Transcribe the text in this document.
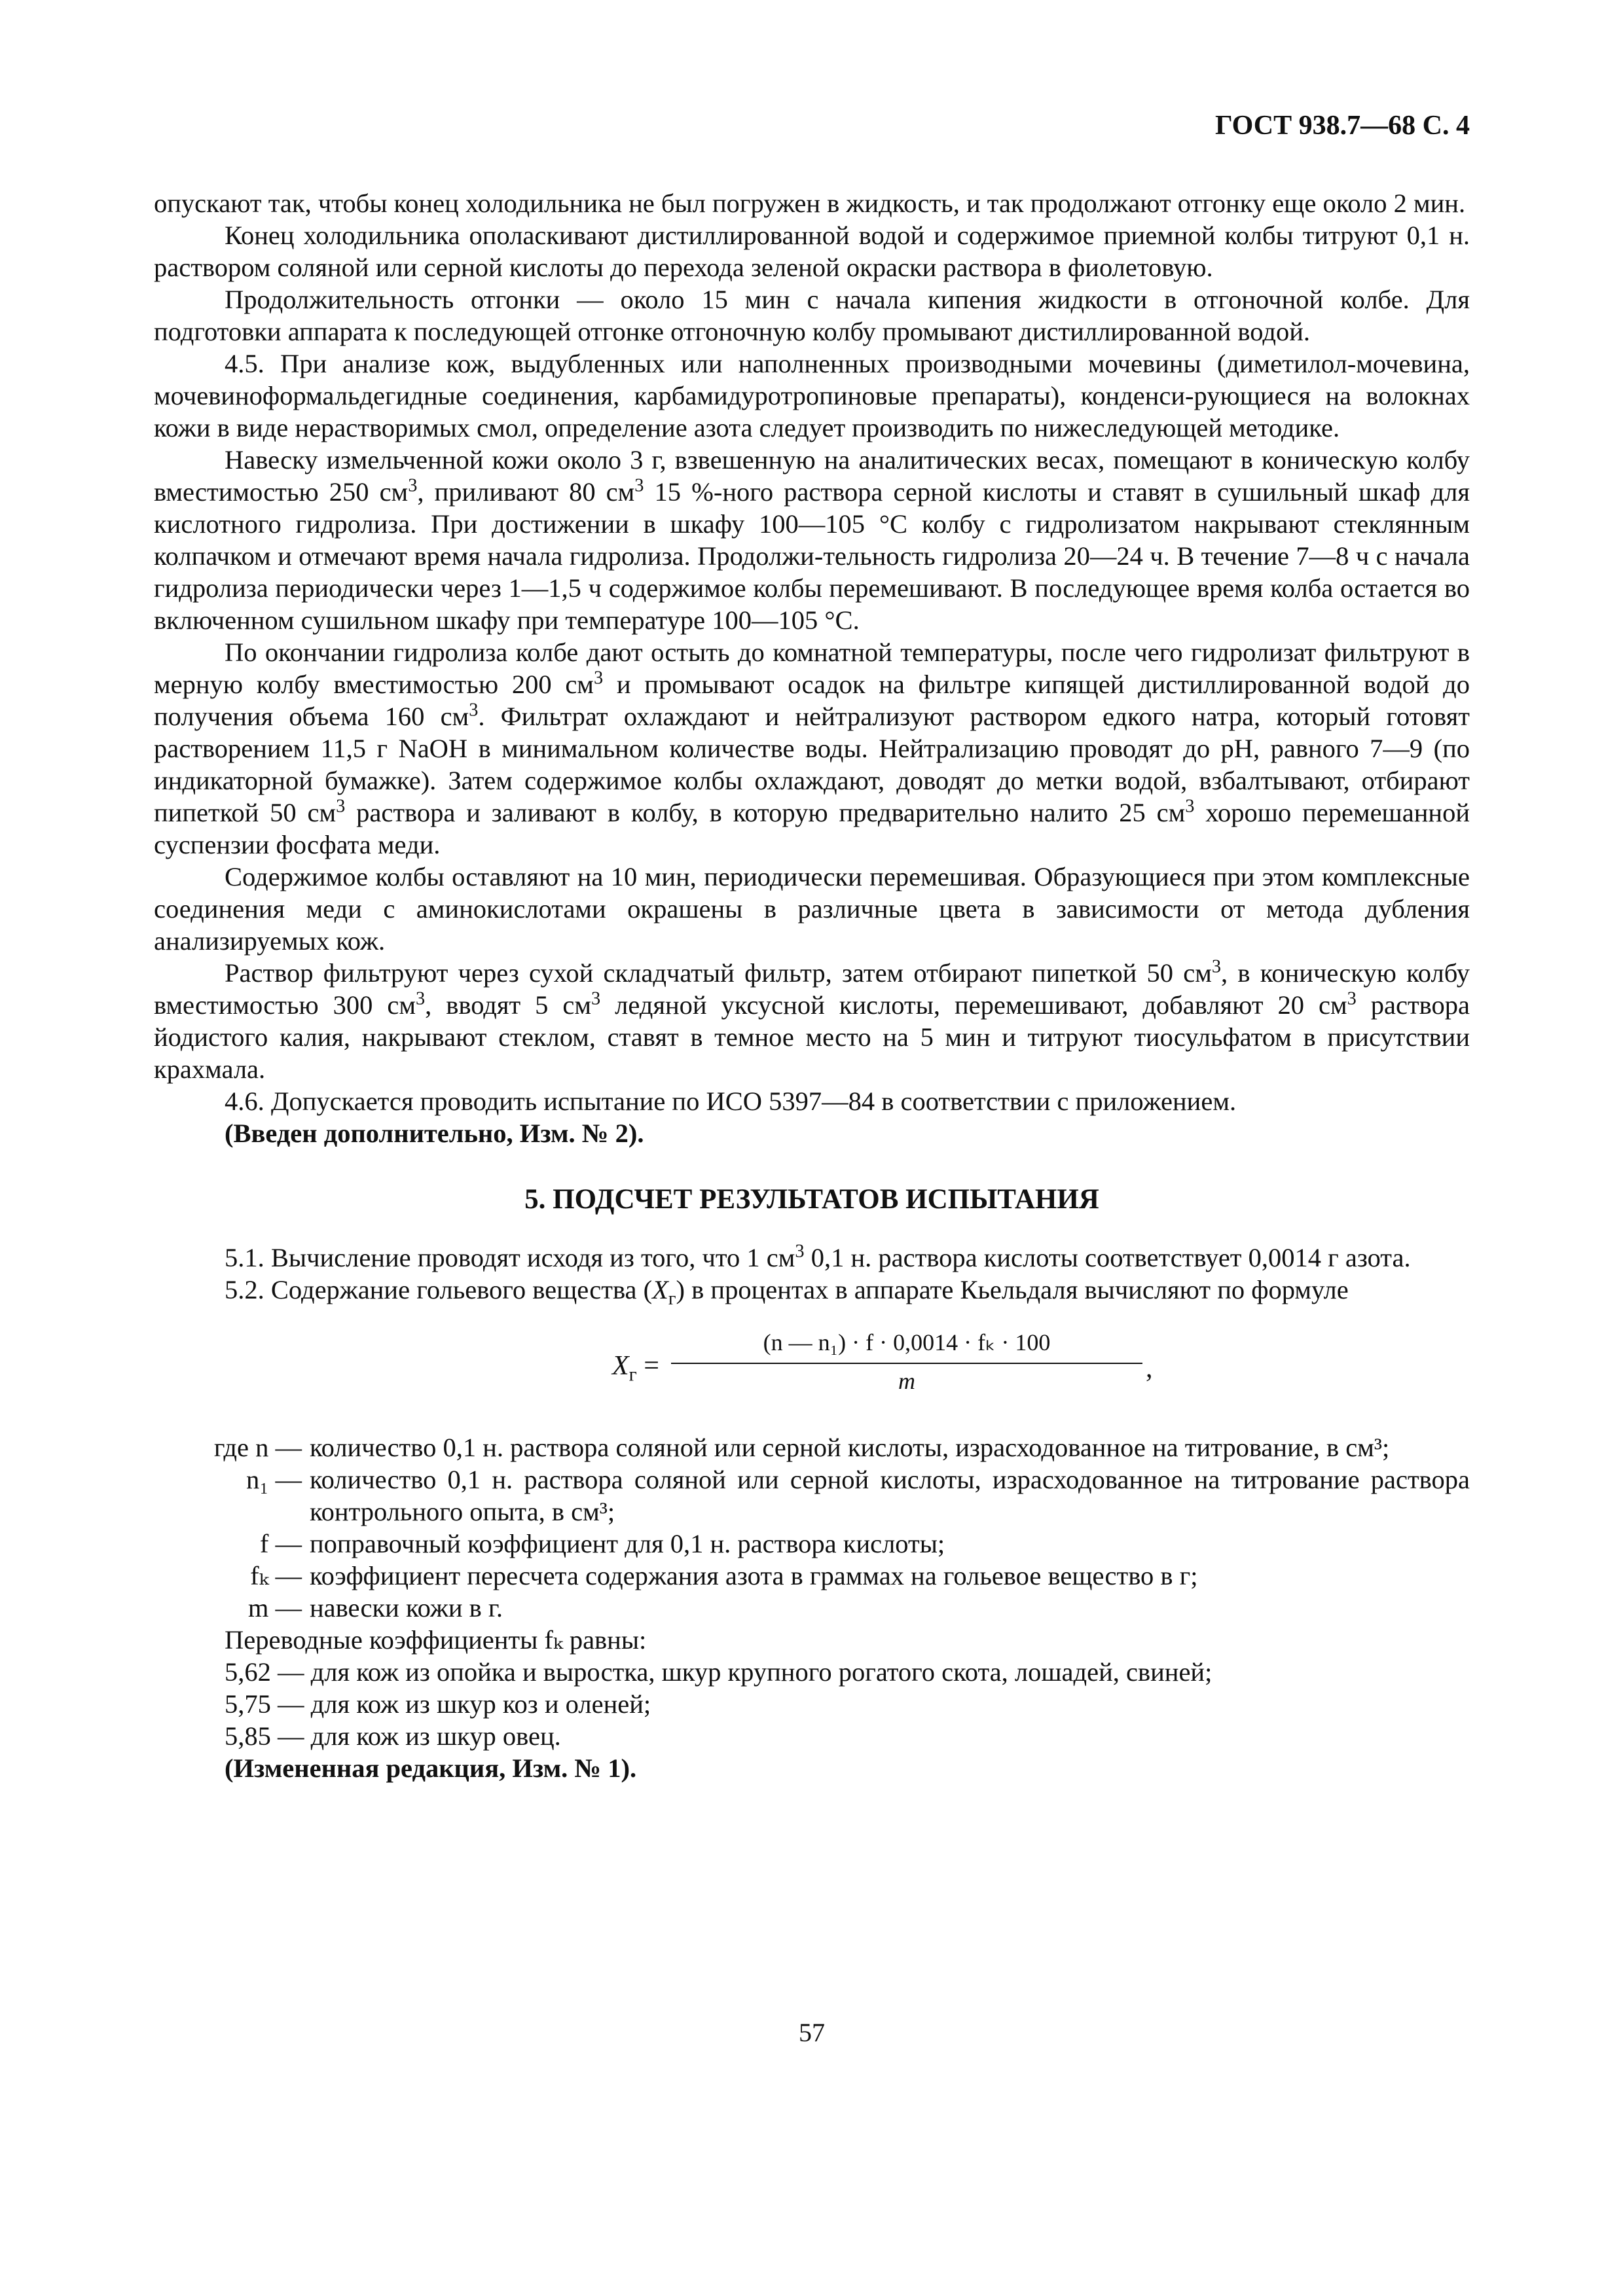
ГОСТ 938.7—68 С. 4

опускают так, чтобы конец холодильника не был погружен в жидкость, и так продолжают отгонку еще около 2 мин.

Конец холодильника ополаскивают дистиллированной водой и содержимое приемной колбы титруют 0,1 н. раствором соляной или серной кислоты до перехода зеленой окраски раствора в фиолетовую.

Продолжительность отгонки — около 15 мин с начала кипения жидкости в отгоночной колбе. Для подготовки аппарата к последующей отгонке отгоночную колбу промывают дистиллированной водой.

4.5. При анализе кож, выдубленных или наполненных производными мочевины (диметилол-мочевина, мочевиноформальдегидные соединения, карбамидуротропиновые препараты), конденси-рующиеся на волокнах кожи в виде нерастворимых смол, определение азота следует производить по нижеследующей методике.

Навеску измельченной кожи около 3 г, взвешенную на аналитических весах, помещают в коническую колбу вместимостью 250 $см^3$, приливают 80 $см^3$ 15 %-ного раствора серной кислоты и ставят в сушильный шкаф для кислотного гидролиза. При достижении в шкафу 100—105 °С колбу с гидролизатом накрывают стеклянным колпачком и отмечают время начала гидролиза. Продолжи-тельность гидролиза 20—24 ч. В течение 7—8 ч с начала гидролиза периодически через 1—1,5 ч содержимое колбы перемешивают. В последующее время колба остается во включенном сушильном шкафу при температуре 100—105 °С.

По окончании гидролиза колбе дают остыть до комнатной температуры, после чего гидролизат фильтруют в мерную колбу вместимостью 200 $см^3$ и промывают осадок на фильтре кипящей дистиллированной водой до получения объема 160 $см^3$. Фильтрат охлаждают и нейтрализуют раствором едкого натра, который готовят растворением 11,5 г NaOH в минимальном количестве воды. Нейтрализацию проводят до рН, равного 7—9 (по индикаторной бумажке). Затем содержимое колбы охлаждают, доводят до метки водой, взбалтывают, отбирают пипеткой 50 $см^3$ раствора и заливают в колбу, в которую предварительно налито 25 $см^3$ хорошо перемешанной суспензии фосфата меди.

Содержимое колбы оставляют на 10 мин, периодически перемешивая. Образующиеся при этом комплексные соединения меди с аминокислотами окрашены в различные цвета в зависимости от метода дубления анализируемых кож.

Раствор фильтруют через сухой складчатый фильтр, затем отбирают пипеткой 50 $см^3$, в коническую колбу вместимостью 300 $см^3$, вводят 5 $см^3$ ледяной уксусной кислоты, перемешивают, добавляют 20 $см^3$ раствора йодистого калия, накрывают стеклом, ставят в темное место на 5 мин и титруют тиосульфатом в присутствии крахмала.

4.6. Допускается проводить испытание по ИСО 5397—84 в соответствии с приложением.

(Введен дополнительно, Изм. № 2).

5. ПОДСЧЕТ РЕЗУЛЬТАТОВ ИСПЫТАНИЯ

5.1. Вычисление проводят исходя из того, что 1 $см^3$ 0,1 н. раствора кислоты соответствует 0,0014 г азота.

5.2. Содержание гольевого вещества $(X_г)$ в процентах в аппарате Кьельдаля вычисляют по формуле

$X_г$ =
(n — n₁) · f · 0,0014 · fₖ · 100
m	,
где n — количество 0,1 н. раствора соляной или серной кислоты, израсходованное на титрование, в см³;
n₁ — количество 0,1 н. раствора соляной или серной кислоты, израсходованное на титрование раствора контрольного опыта, в см³;
f — поправочный коэффициент для 0,1 н. раствора кислоты;
fₖ — коэффициент пересчета содержания азота в граммах на гольевое вещество в г;
m — навески кожи в г.

Переводные коэффициенты fₖ равны:

5,62 — для кож из опойка и выростка, шкур крупного рогатого скота, лошадей, свиней;

5,75 — для кож из шкур коз и оленей;

5,85 — для кож из шкур овец.

(Измененная редакция, Изм. № 1).

57
